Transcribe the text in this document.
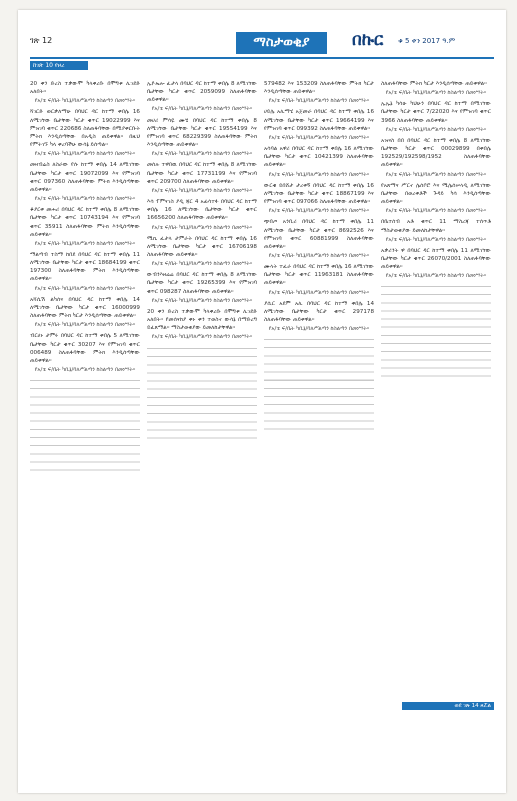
ገጽ 12	ማስታወቂያ	በኩር ቁ 5 ቀን 2017 ዓ.ም
ከገጽ 10 የዞረ
20 ቀን ድረስ ተቃውሞ ካላቀረቡ በሞግቱ ሊገደድ አለበት፡፡
የአ/ቴ ፍ/ቤት ካቢኔ/ባለሥልጣን ከስልጣን በመነሣት፡፡
ሻገርድ ወርቃለማሁ በባህር ዳር ከተማ ቀበሌ 16 ለሚገኘው ቤታቸው ካርታ ቁጥር 19022999 እና ምዝገባ ቁጥር 220686 ስለጠፋባቸው በሚያቀርቡት ምትክ እንዲሰጣቸው በአዲስ ጠይቀዋል፡፡ በዚህ የምትገኙ ካላ ቀረባችሁ ውሳኔ ይሰጣል፡፡
የአ/ቴ ፍ/ቤት ካቢኔ/ባለሥልጣን ከስልጣን በመነሣት፡፡
መዛብሬስ ለስራው የሱ ከተማ ቀበሌ 14 ለሚገኘው ቤታቸው ካርታ ቁጥር 19072099 እና የምዝገባ ቁጥር 097360 ስለጠፋባቸው ምትክ እንዲሰጣቸው ጠይቀዋል፡፡
የአ/ቴ ፍ/ቤት ካቢኔ/ባለሥልጣን ከስልጣን በመነሣት፡፡
ቆያርቀ መሐሪ በባህር ዳር ከተማ ቀበሌ 8 ለሚገኘው ቤታቸው ካርታ ቁጥር 10743194 እና የምዝገባ ቁጥር 35911 ስለጠፋባቸው ምትክ እንዲሰጣቸው ጠይቀዋል፡፡
የአ/ቴ ፍ/ቤት ካቢኔ/ባለሥልጣን ከስልጣን በመነሣት፡፡
ማልጣብ ተስማ ከበደ በባህር ዳር ከተማ ቀበሌ 11 ለሚገኘው ቤታቸው ካርታ ቁጥር 18684199 ቁጥር 197300 ስለጠፋባቸው ምትክ እንዲሰጣቸው ጠይቀዋል፡፡
የአ/ቴ ፍ/ቤት ካቢኔ/ባለሥልጣን ከስልጣን በመነሣት፡፡
አሻሲሽ ልካሰና በባህር ዳር ከተማ ቀበሌ 14 ለሚገኘው ቤታቸው ካርታ ቁጥር 16000999 ስለጠፋባቸው ምትክ ካርታ እንዲሰጣቸው ጠይቀዋል፡፡
የአ/ቴ ፍ/ቤት ካቢኔ/ባለሥልጣን ከስልጣን በመነሣት፡፡
ብርሀኑ ታምሩ በባህር ዳር ከተማ ቀበሌ 5 ለሚገኘው ቤታቸው ካርታ ቁጥር 30207 እና የምዝገባ ቁጥር 006489 ስለጠፋባቸው ምትክ እንዲሰጣቸው ጠይቀዋል፡፡
የአ/ቴ ፍ/ቤት ካቢኔ/ባለሥልጣን ከስልጣን በመነሣት፡፡
ኢዮኤሎ ፈታላ በባህር ዳር ከተማ ቀበሌ 8 ለሚገኘው ቤታቸው ካርታ ቁጥር 2059099 ስለጠፋባቸው ጠይቀዋል፡፡
የአ/ቴ ፍ/ቤት ካቢኔ/ባለሥልጣን ከስልጣን በመነሣት፡፡
መሀሪ ምሳዬ ሙሄ በባህር ዳር ከተማ ቀበሌ 8 ለሚገኘው ቤታቸው ካርታ ቁጥር 19554199 እና የምዝገባ ቁጥር 68229399 ስለጠፋባቸው ምትክ እንዲሰጣቸው ጠይቀዋል፡፡
የአ/ቴ ፍ/ቤት ካቢኔ/ባለሥልጣን ከስልጣን በመነሣት፡፡
መሰሉ ተዋበዉ በባህር ዳር ከተማ ቀበሌ 8 ለሚገኘው ቤታቸው ካርታ ቁጥር 17731199 እና የምዝገባ ቁጥር 209700 ስለጠፋባቸው ጠይቀዋል፡፡
የአ/ቴ ፍ/ቤት ካቢኔ/ባለሥልጣን ከስልጣን በመነሣት፡፡
እሳ ፕምናገስ ያዲ ጃር 4 አፊሳተፉ በባህር ዳር ከተማ ቀበሌ 16 ለሚገኘው ቤታቸው ካርታ ቁጥር 16656200 ስለጠፋባቸው ጠይቀዋል፡፡
የአ/ቴ ፍ/ቤት ካቢኔ/ባለሥልጣን ከስልጣን በመነሣት፡፡
ሚኪ ፈታላ ታምራት በባህር ዳር ከተማ ቀበሌ 16 ለሚገኘው ቤታቸው ካርታ ቁጥር 16706198 ስለጠፋባቸው ጠይቀዋል፡፡
የአ/ቴ ፍ/ቤት ካቢኔ/ባለሥልጣን ከስልጣን በመነሣት፡፡
ውብንእዘሬሬ በባህር ዳር ከተማ ቀበሌ 8 ለሚገኘው ቤታቸው ካርታ ቁጥር 19265399 እና የምዝገባ ቁጥር 098287 ስለጠፋባቸው ጠይቀዋል፡፡
የአ/ቴ ፍ/ቤት ካቢኔ/ባለሥልጣን ከስልጣን በመነሣት፡፡
20 ቀን ድረስ ተቃውሞ ካላቀረቡ በሞግቱ ሊገደድ አለበት፡፡ የመሰናከያ ቀኑ ቀን ተወስኖ ውሳኔ በማድረግ ይፈጸማል፡፡ ማስታወቂያው ይመለከታቸዋል፡፡
የአ/ቴ ፍ/ቤት ካቢኔ/ባለሥልጣን ከስልጣን በመነሣት፡፡
579482 እና 153209 ስለጠፋባቸው ምትክ ካርታ እንዲሰጣቸው ጠይቀዋል፡፡
የአ/ቴ ፍ/ቤት ካቢኔ/ባለሥልጣን ከስልጣን በመነሣት፡፡
ሀይሌ አሊማሂ አጀመራ በባህር ዳር ከተማ ቀበሌ 16 ለሚገኘው ቤታቸው ካርታ ቁጥር 19664199 እና የምዝገባ ቁጥር 099392 ስለጠፋባቸው ጠይቀዋል፡፡
የአ/ቴ ፍ/ቤት ካቢኔ/ባለሥልጣን ከስልጣን በመነሣት፡፡
አሳባል አዋሪ በባህር ዳር ከተማ ቀበሌ 16 ለሚገኘው ቤታቸው ካርታ ቁጥር 10421399 ስለጠፋባቸው ጠይቀዋል፡፡
የአ/ቴ ፍ/ቤት ካቢኔ/ባለሥልጣን ከስልጣን በመነሣት፡፡
ውርቁ ይበሸታ ታረቀኝ በባህር ዳር ከተማ ቀበሌ 16 ለሚገኘው ቤታቸው ካርታ ቁጥር 18867199 እና የምዝገባ ቁጥር 097066 ስለጠፋባቸው ጠይቀዋል፡፡
የአ/ቴ ፍ/ቤት ካቢኔ/ባለሥልጣን ከስልጣን በመነሣት፡፡
ጭበጦ አንቢሪ በባህር ዳር ከተማ ቀበሌ 11 ለሚገኘው ቤታቸው ካርታ ቁጥር 8692526 እና የምዝገባ ቁጥር 60881999 ስለጠፋባቸው ጠይቀዋል፡፡
የአ/ቴ ፍ/ቤት ካቢኔ/ባለሥልጣን ከስልጣን በመነሣት፡፡
ሙላት ተፈራ በባህር ዳር ከተማ ቀበሌ 16 ለሚገኘው ቤታቸው ካርታ ቁጥር 11963181 ስለጠፋባቸው ጠይቀዋል፡፡
የአ/ቴ ፍ/ቤት ካቢኔ/ባለሥልጣን ከስልጣን በመነሣት፡፡
ያሲር አደም አሊ በባህር ዳር ከተማ ቀበሌ 14 ለሚገኘው ቤታቸው ካርታ ቁጥር 297178 ስለጠፋባቸው ጠይቀዋል፡፡
የአ/ቴ ፍ/ቤት ካቢኔ/ባለሥልጣን ከስልጣን በመነሣት፡፡
ስለጠፋባቸው ምትክ ካርታ እንዲሰጣቸው ጠይቀዋል፡፡
የአ/ቴ ፍ/ቤት ካቢኔ/ባለሥልጣን ከስልጣን በመነሣት፡፡
ኢኢኔ ካሳሁ ካህሁን በባህር ዳር ከተማ በሚገኘው ቤታቸው ካርታ ቁጥር 7/22020 እና የምዝገባ ቁጥር 3966 ስለጠፋባቸው ጠይቀዋል፡፡
የአ/ቴ ፍ/ቤት ካቢኔ/ባለሥልጣን ከስልጣን በመነሣት፡፡
አዝናስ በበ በባህር ዳር ከተማ ቀበሌ 8 ለሚገኘው ቤታቸው ካርታ ቁጥር 00029899 በቀበሌ 192529/192598/1952 ስለጠፋባቸው ጠይቀዋል፡፡
የአ/ቴ ፍ/ቤት ካቢኔ/ባለሥልጣን ከስልጣን በመነሣት፡፡
የአጸማና ሥርኖ ሌሰቦሮ እና ሚሌሰሠላዲ ለሚገኘው ቤታቸው በወረቀቶች ጉዳይ ካሳ እንዲሰጣቸው ጠይቀዋል፡፡
የአ/ቴ ፍ/ቤት ካቢኔ/ባለሥልጣን ከስልጣን በመነሣት፡፡
በቤተሰብ አቶ ቁጥር 11 ማስረጃ ተሰጥቶ ማስታወቂያው ይመለከታቸዋል፡፡
የአ/ቴ ፍ/ቤት ካቢኔ/ባለሥልጣን ከስልጣን በመነሣት፡፡
አቃሪንት ዋ በባህር ዳር ከተማ ቀበሌ 11 ለሚገኘው ቤታቸው ካርታ ቁጥር 26070/2001 ስለጠፋባቸው ጠይቀዋል፡፡
የአ/ቴ ፍ/ቤት ካቢኔ/ባለሥልጣን ከስልጣን በመነሣት፡፡
ወደ ገጽ 14 ዞሯል
